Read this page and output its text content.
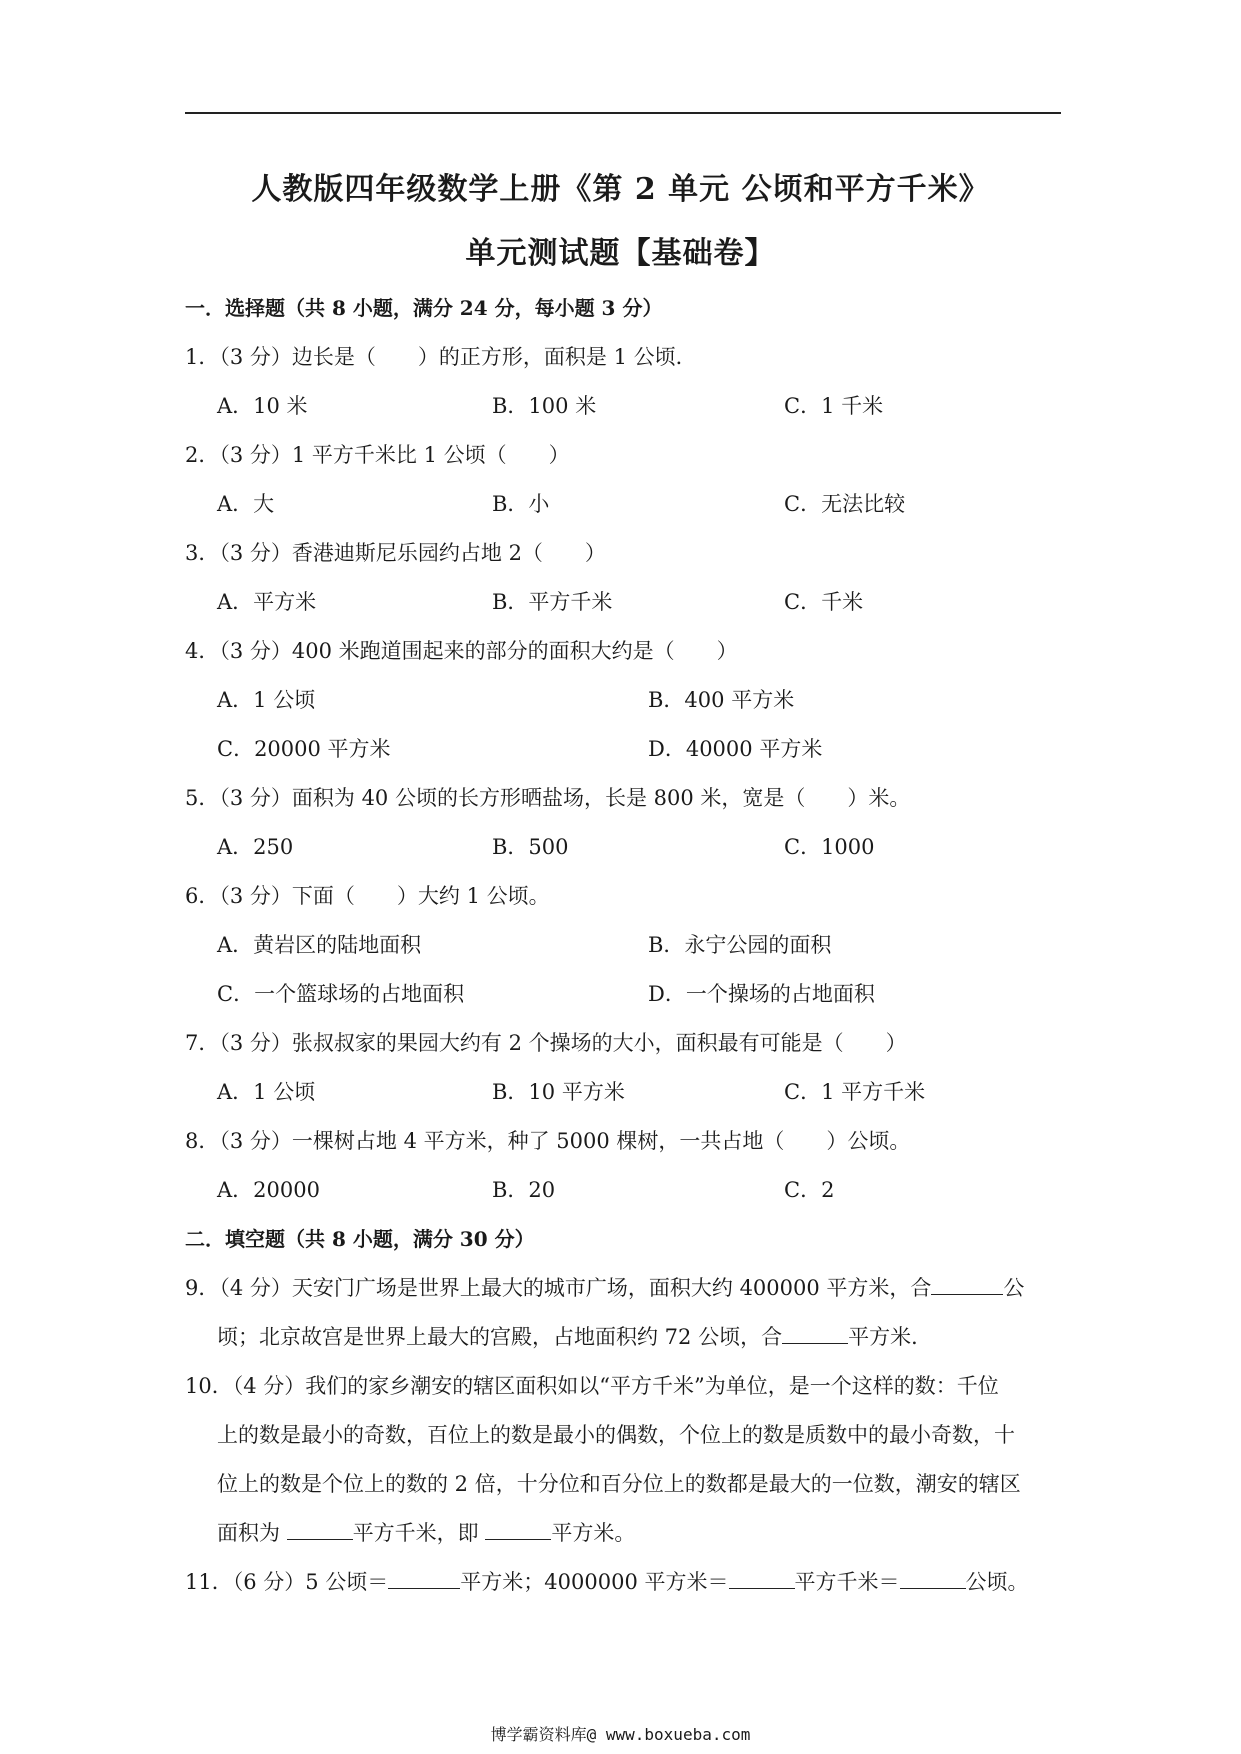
人教版四年级数学上册《第 2 单元 公顷和平方千米》
单元测试题【基础卷】
一．选择题（共 8 小题，满分 24 分，每小题 3 分）
1．（3 分）边长是（　　）的正方形，面积是 1 公顷．
A．10 米	B．100 米	C．1 千米
2．（3 分）1 平方千米比 1 公顷（　　）
A．大	B．小	C．无法比较
3．（3 分）香港迪斯尼乐园约占地 2（　　）
A．平方米	B．平方千米	C．千米
4．（3 分）400 米跑道围起来的部分的面积大约是（　　）
A．1 公顷	B．400 平方米
C．20000 平方米	D．40000 平方米
5．（3 分）面积为 40 公顷的长方形晒盐场，长是 800 米，宽是（　　）米。
A．250	B．500	C．1000
6．（3 分）下面（　　）大约 1 公顷。
A．黄岩区的陆地面积	B．永宁公园的面积
C．一个篮球场的占地面积	D．一个操场的占地面积
7．（3 分）张叔叔家的果园大约有 2 个操场的大小，面积最有可能是（　　）
A．1 公顷	B．10 平方米	C．1 平方千米
8．（3 分）一棵树占地 4 平方米，种了 5000 棵树，一共占地（　　）公顷。
A．20000	B．20	C．2
二．填空题（共 8 小题，满分 30 分）
9．（4 分）天安门广场是世界上最大的城市广场，面积大约 400000 平方米，合	公
顷；北京故宫是世界上最大的宫殿，占地面积约 72 公顷，合	平方米．
10．（4 分）我们的家乡潮安的辖区面积如以“平方千米”为单位，是一个这样的数：千位
上的数是最小的奇数，百位上的数是最小的偶数，个位上的数是质数中的最小奇数，十
位上的数是个位上的数的 2 倍，十分位和百分位上的数都是最大的一位数，潮安的辖区
面积为	平方千米，即	平方米。
11．（6 分）5 公顷＝	平方米；4000000 平方米＝	平方千米＝	公顷。
博学霸资料库@ www.boxueba.com
